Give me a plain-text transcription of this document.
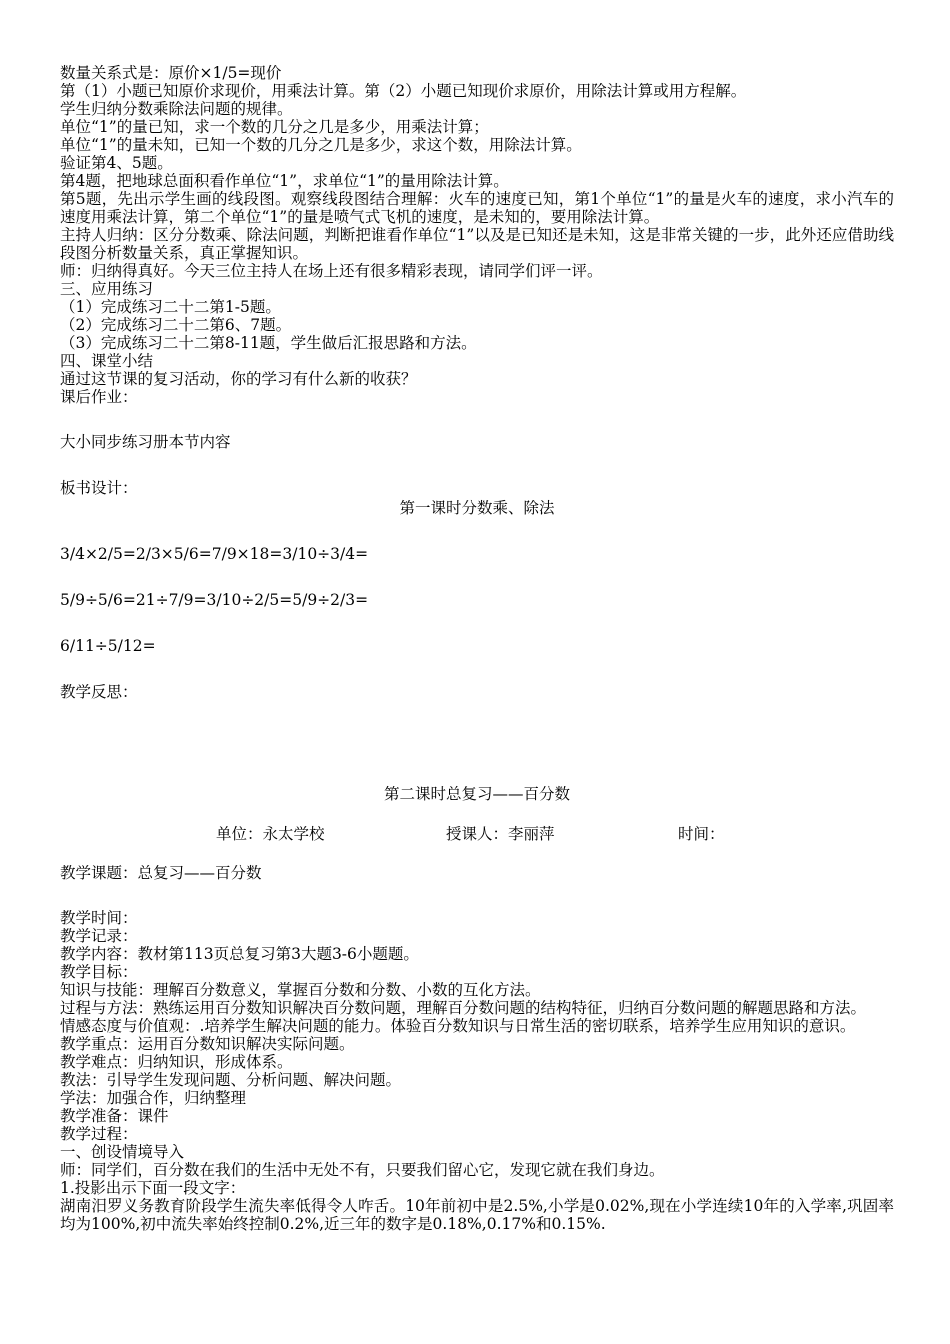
数量关系式是：原价×1/5=现价

第（1）小题已知原价求现价，用乘法计算。第（2）小题已知现价求原价，用除法计算或用方程解。

学生归纳分数乘除法问题的规律。

单位“1”的量已知，求一个数的几分之几是多少，用乘法计算；

单位“1”的量未知，已知一个数的几分之几是多少，求这个数，用除法计算。

验证第4、5题。

第4题，把地球总面积看作单位“1”，求单位“1”的量用除法计算。

第5题，先出示学生画的线段图。观察线段图结合理解：火车的速度已知，第1个单位“1”的量是火车的速度，求小汽车的速度用乘法计算，第二个单位“1”的量是喷气式飞机的速度，是未知的，要用除法计算。

主持人归纳：区分分数乘、除法问题，判断把谁看作单位“1”以及是已知还是未知，这是非常关键的一步，此外还应借助线段图分析数量关系，真正掌握知识。

师：归纳得真好。今天三位主持人在场上还有很多精彩表现，请同学们评一评。

三、应用练习

（1）完成练习二十二第1-5题。

（2）完成练习二十二第6、7题。

（3）完成练习二十二第8-11题，学生做后汇报思路和方法。

四、课堂小结

通过这节课的复习活动，你的学习有什么新的收获？

课后作业：

大小同步练习册本节内容

板书设计：

第一课时分数乘、除法

3/4×2/5=2/3×5/6=7/9×18=3/10÷3/4=

5/9÷5/6=21÷7/9=3/10÷2/5=5/9÷2/3=

6/11÷5/12=

教学反思：

第二课时总复习——百分数

单位：永太学校	授课人：李丽萍	时间：

教学课题：总复习——百分数

教学时间：

教学记录：

教学内容：教材第113页总复习第3大题3-6小题题。

教学目标：

知识与技能：理解百分数意义，掌握百分数和分数、小数的互化方法。

过程与方法：熟练运用百分数知识解决百分数问题，理解百分数问题的结构特征，归纳百分数问题的解题思路和方法。

情感态度与价值观：.培养学生解决问题的能力。体验百分数知识与日常生活的密切联系，培养学生应用知识的意识。

教学重点：运用百分数知识解决实际问题。

教学难点：归纳知识，形成体系。

教法：引导学生发现问题、分析问题、解决问题。

学法：加强合作，归纳整理

教学准备：课件

教学过程：

一、创设情境导入

师：同学们，百分数在我们的生活中无处不有，只要我们留心它，发现它就在我们身边。

1.投影出示下面一段文字：

湖南汨罗义务教育阶段学生流失率低得令人咋舌。10年前初中是2.5%,小学是0.02%,现在小学连续10年的入学率,巩固率均为100%,初中流失率始终控制0.2%,近三年的数字是0.18%,0.17%和0.15%.
